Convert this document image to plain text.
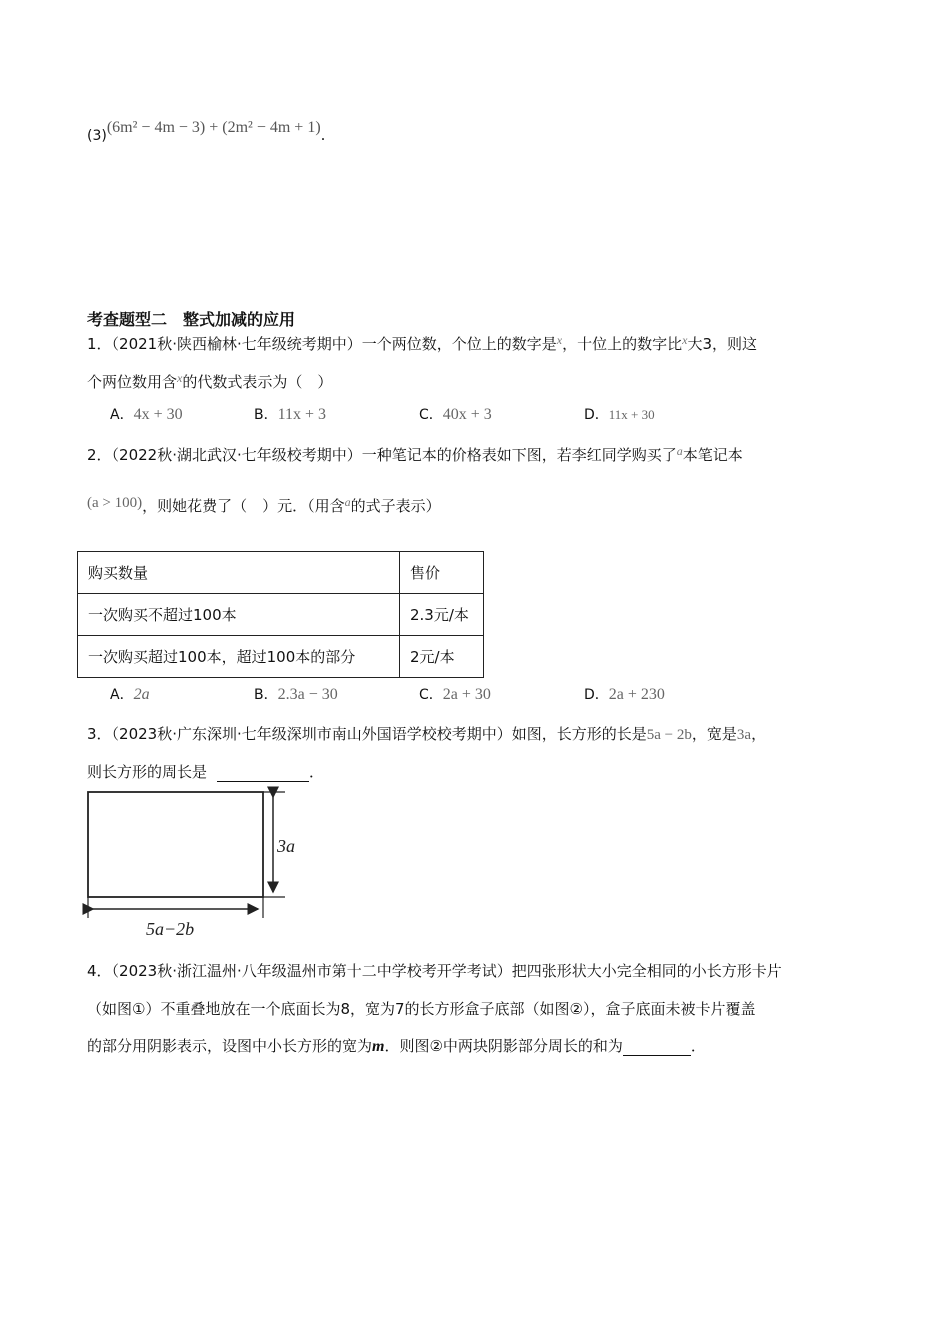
(3)(6m² − 4m − 3) + (2m² − 4m + 1).
考查题型二　整式加减的应用
1．（2021秋·陕西榆林·七年级统考期中）一个两位数，个位上的数字是$^x$，十位上的数字比$^x$大3，则这
个两位数用含$^x$的代数式表示为（　）
A．4x + 30	B．11x + 3	C．40x + 3	D．11x + 30
2．（2022秋·湖北武汉·七年级校考期中）一种笔记本的价格表如下图，若李红同学购买了$^a$本笔记本
(a > 100)，则她花费了（　）元．（用含$^a$的式子表示）
购买数量	售价
一次购买不超过100本	2.3元/本
一次购买超过100本，超过100本的部分	2元/本
A．2a	B．2.3a − 30	C．2a + 30	D．2a + 230
3．（2023秋·广东深圳·七年级深圳市南山外国语学校校考期中）如图，长方形的长是5a − 2b，宽是3a，
则长方形的周长是	．
3a
5a−2b
4．（2023秋·浙江温州·八年级温州市第十二中学校考开学考试）把四张形状大小完全相同的小长方形卡片
（如图①）不重叠地放在一个底面长为8，宽为7的长方形盒子底部（如图②），盒子底面未被卡片覆盖
的部分用阴影表示，设图中小长方形的宽为m．则图②中两块阴影部分周长的和为	．
